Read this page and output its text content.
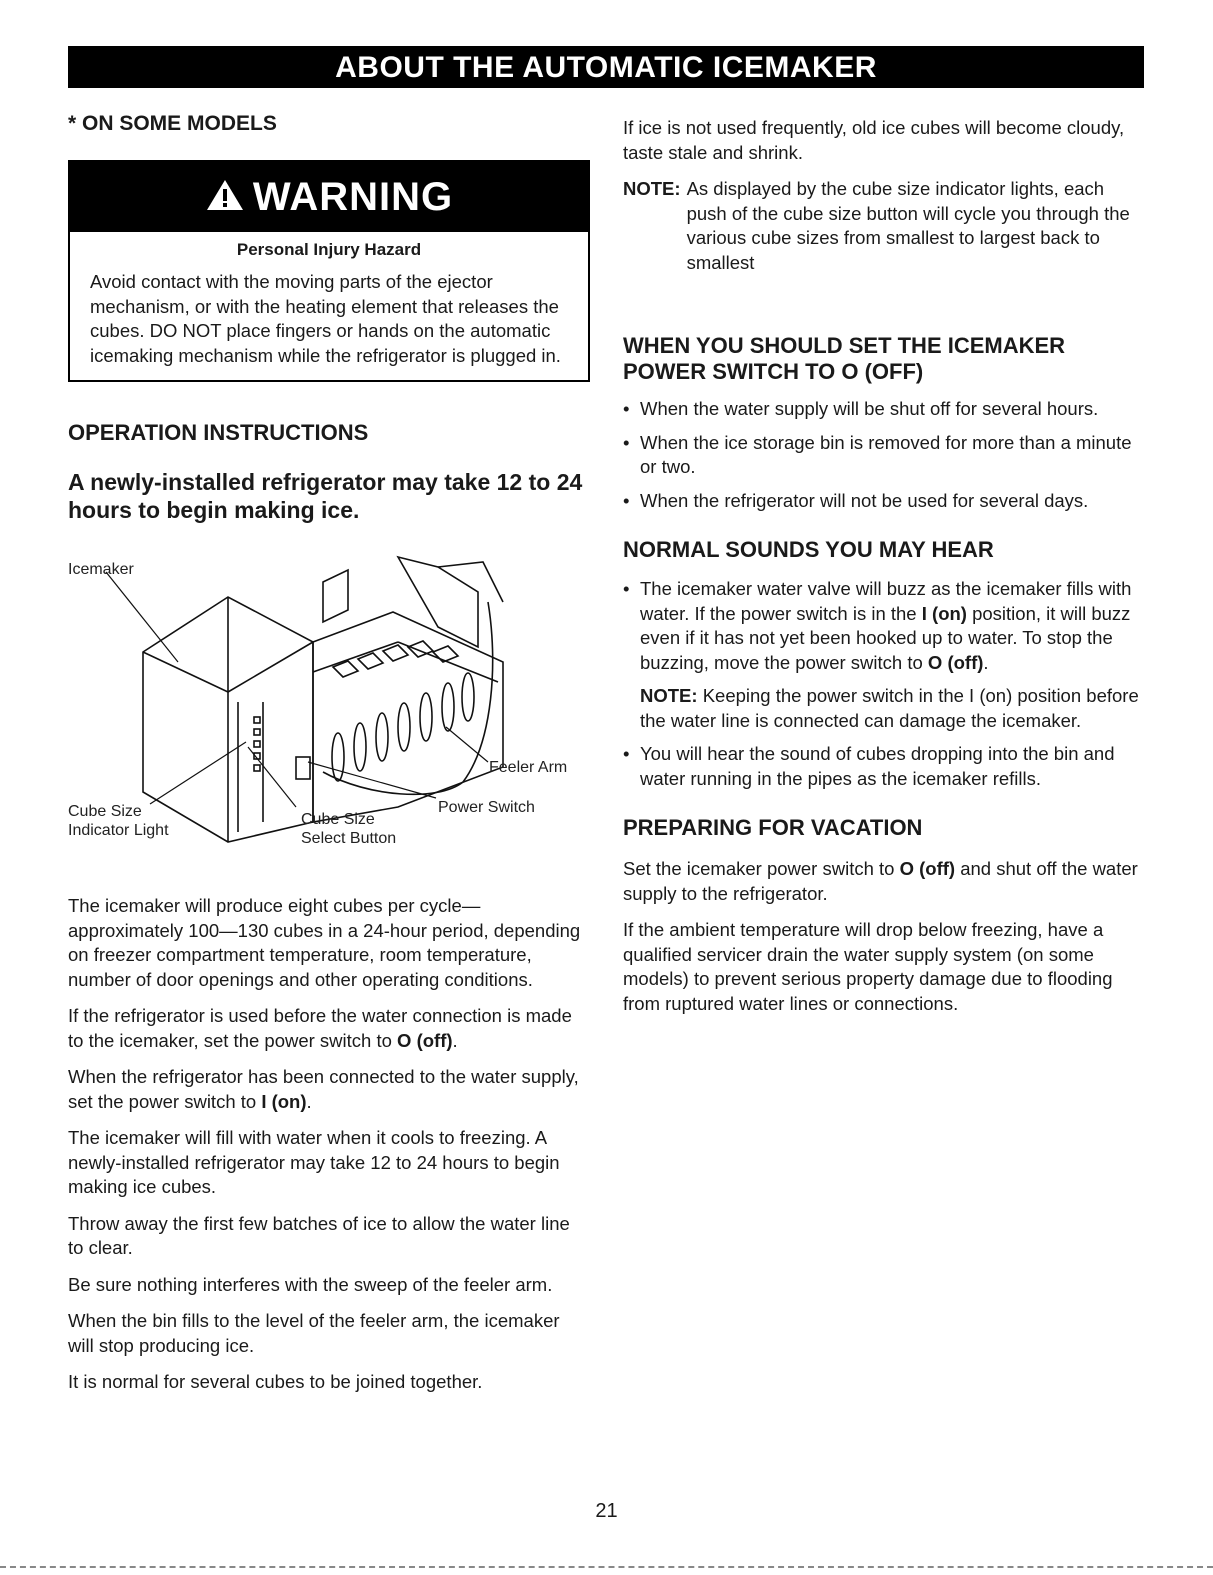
ABOUT THE AUTOMATIC ICEMAKER
* ON SOME MODELS
WARNING
Personal Injury Hazard
Avoid contact with the moving parts of the ejector mechanism, or with the heating element that releases the cubes. DO NOT place fingers or hands on the automatic icemaking mechanism while the refrigerator is plugged in.
OPERATION INSTRUCTIONS
A newly-installed refrigerator may take 12 to 24 hours to begin making ice.
Icemaker
Feeler Arm
Power Switch
Cube Size
Indicator Light
Cube Size
Select Button

The icemaker will produce eight cubes per cycle— approximately 100—130 cubes in a 24-hour period, depending on freezer compartment temperature, room temperature, number of door openings and other operating conditions.

If the refrigerator is used before the water connection is made to the icemaker, set the power switch to O (off).

When the refrigerator has been connected to the water supply, set the power switch to I (on).

The icemaker will fill with water when it cools to freezing. A newly-installed refrigerator may take 12 to 24 hours to begin making ice cubes.

Throw away the first few batches of ice to allow the water line to clear.

Be sure nothing interferes with the sweep of the feeler arm.

When the bin fills to the level of the feeler arm, the icemaker will stop producing ice.

It is normal for several cubes to be joined together.

If ice is not used frequently, old ice cubes will become cloudy, taste stale and shrink.

NOTE: As displayed by the cube size indicator lights, each push of the cube size button will cycle you through the various cube sizes from smallest to largest back to smallest

WHEN YOU SHOULD SET THE ICEMAKER POWER SWITCH TO O (OFF)

• When the water supply will be shut off for several hours.

• When the ice storage bin is removed for more than a minute or two.

• When the refrigerator will not be used for several days.

NORMAL SOUNDS YOU MAY HEAR

• The icemaker water valve will buzz as the icemaker fills with water. If the power switch is in the I (on) position, it will buzz even if it has not yet been hooked up to water. To stop the buzzing, move the power switch to O (off).

NOTE: Keeping the power switch in the I (on) position before the water line is connected can damage the icemaker.

• You will hear the sound of cubes dropping into the bin and water running in the pipes as the icemaker refills.

PREPARING FOR VACATION

Set the icemaker power switch to O (off) and shut off the water supply to the refrigerator.

If the ambient temperature will drop below freezing, have a qualified servicer drain the water supply system (on some models) to prevent serious property damage due to flooding from ruptured water lines or connections.

21
